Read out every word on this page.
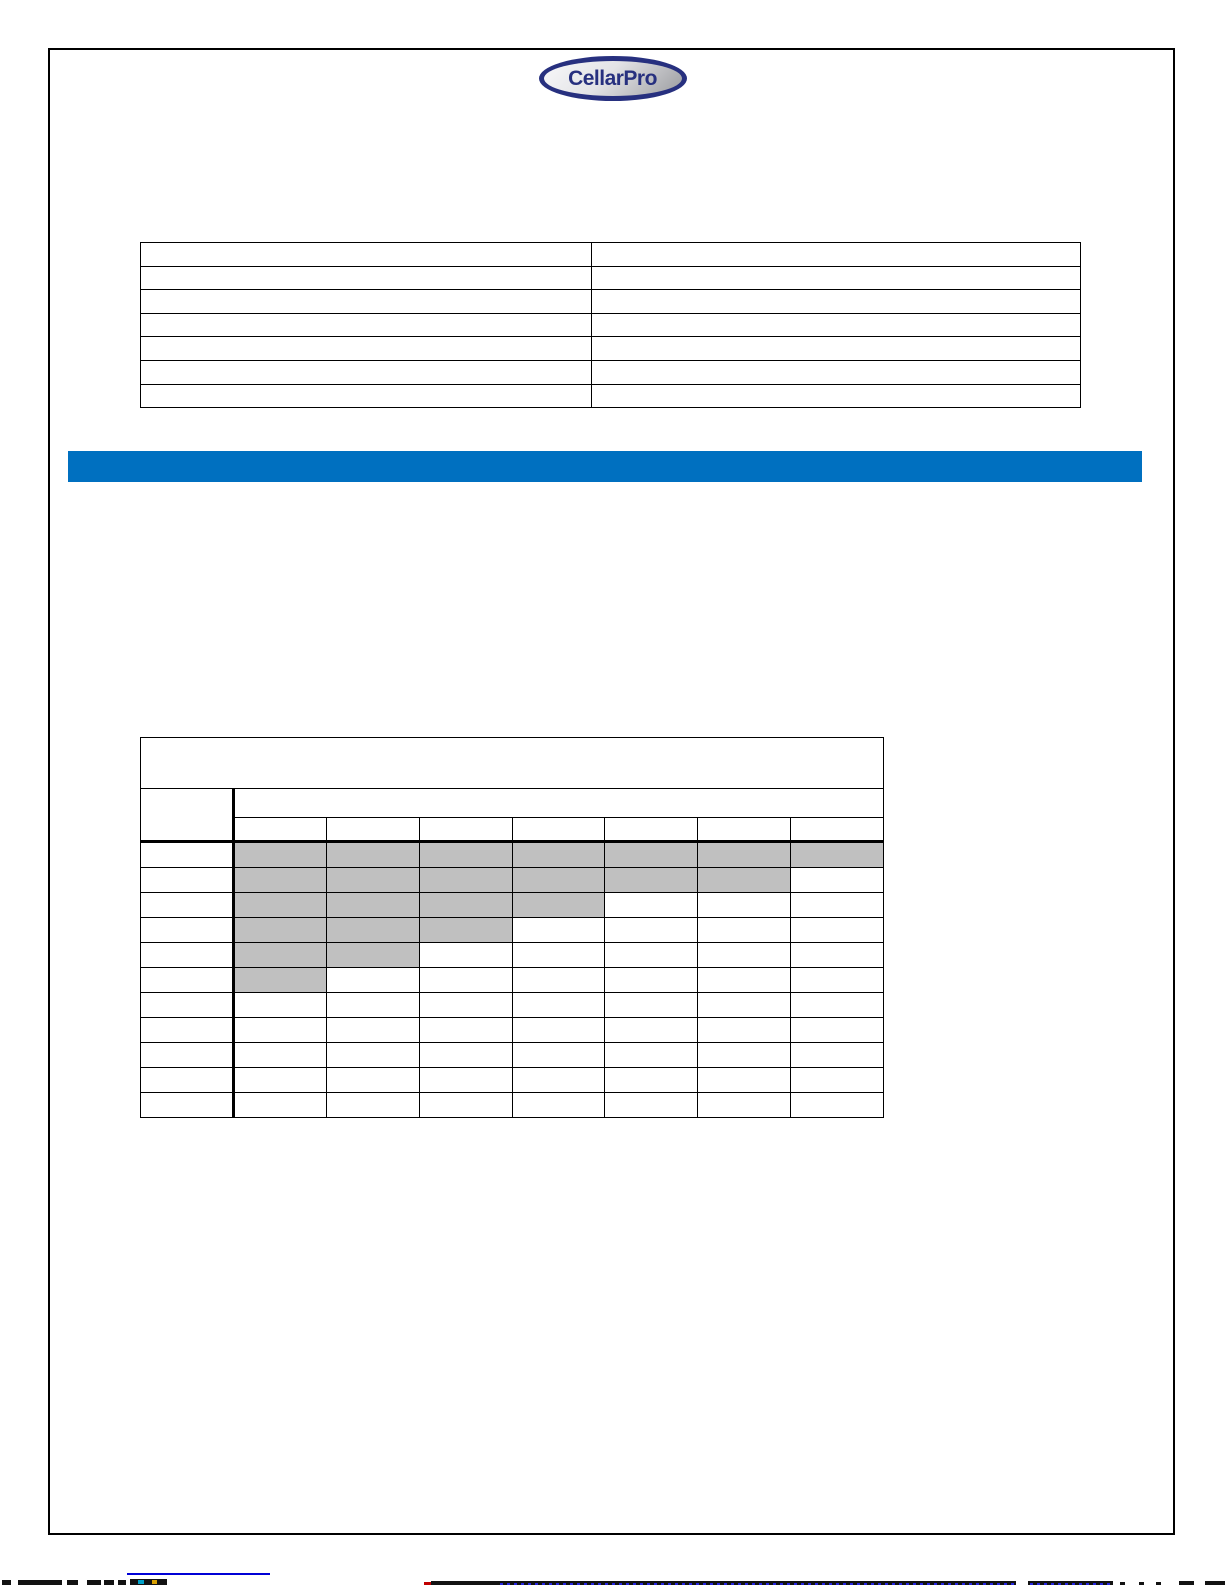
CellarPro
